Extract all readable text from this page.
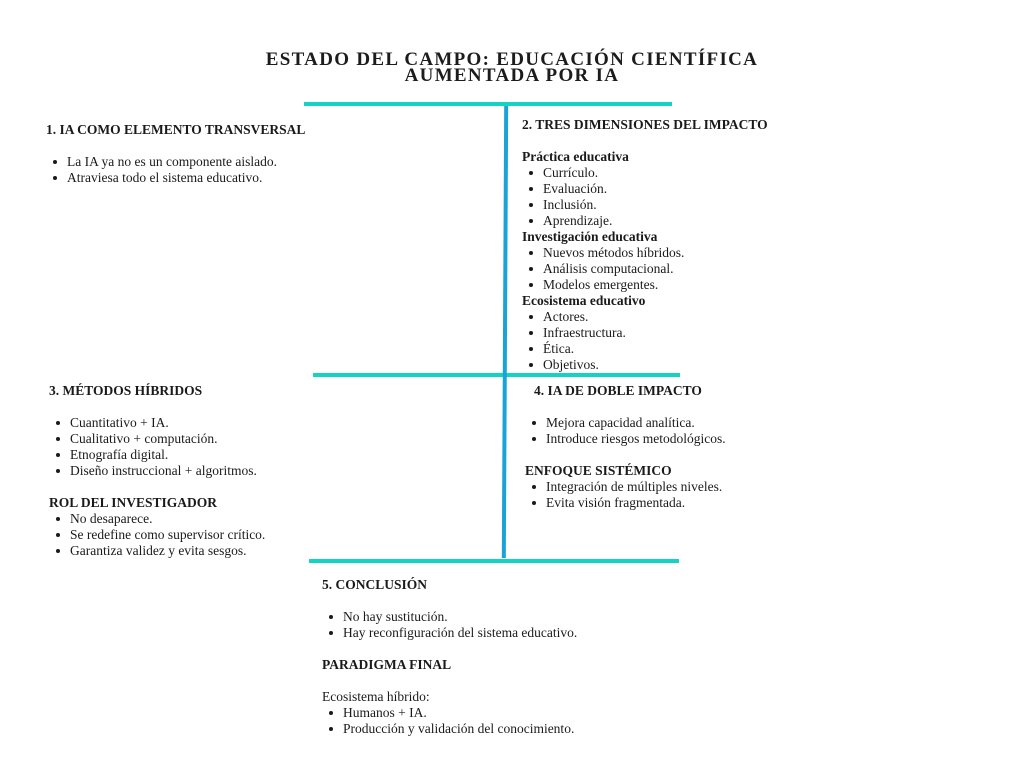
ESTADO DEL CAMPO: EDUCACIÓN CIENTÍFICA
AUMENTADA POR IA
1. IA COMO ELEMENTO TRANSVERSAL
La IA ya no es un componente aislado.
Atraviesa todo el sistema educativo.
2. TRES DIMENSIONES DEL IMPACTO
Práctica educativa
Currículo.
Evaluación.
Inclusión.
Aprendizaje.
Investigación educativa
Nuevos métodos híbridos.
Análisis computacional.
Modelos emergentes.
Ecosistema educativo
Actores.
Infraestructura.
Ética.
Objetivos.
3. MÉTODOS HÍBRIDOS
Cuantitativo + IA.
Cualitativo + computación.
Etnografía digital.
Diseño instruccional + algoritmos.
ROL DEL INVESTIGADOR
No desaparece.
Se redefine como supervisor crítico.
Garantiza validez y evita sesgos.
4. IA DE DOBLE IMPACTO
Mejora capacidad analítica.
Introduce riesgos metodológicos.
ENFOQUE SISTÉMICO
Integración de múltiples niveles.
Evita visión fragmentada.
5. CONCLUSIÓN
No hay sustitución.
Hay reconfiguración del sistema educativo.
PARADIGMA FINAL
Ecosistema híbrido:
Humanos + IA.
Producción y validación del conocimiento.
